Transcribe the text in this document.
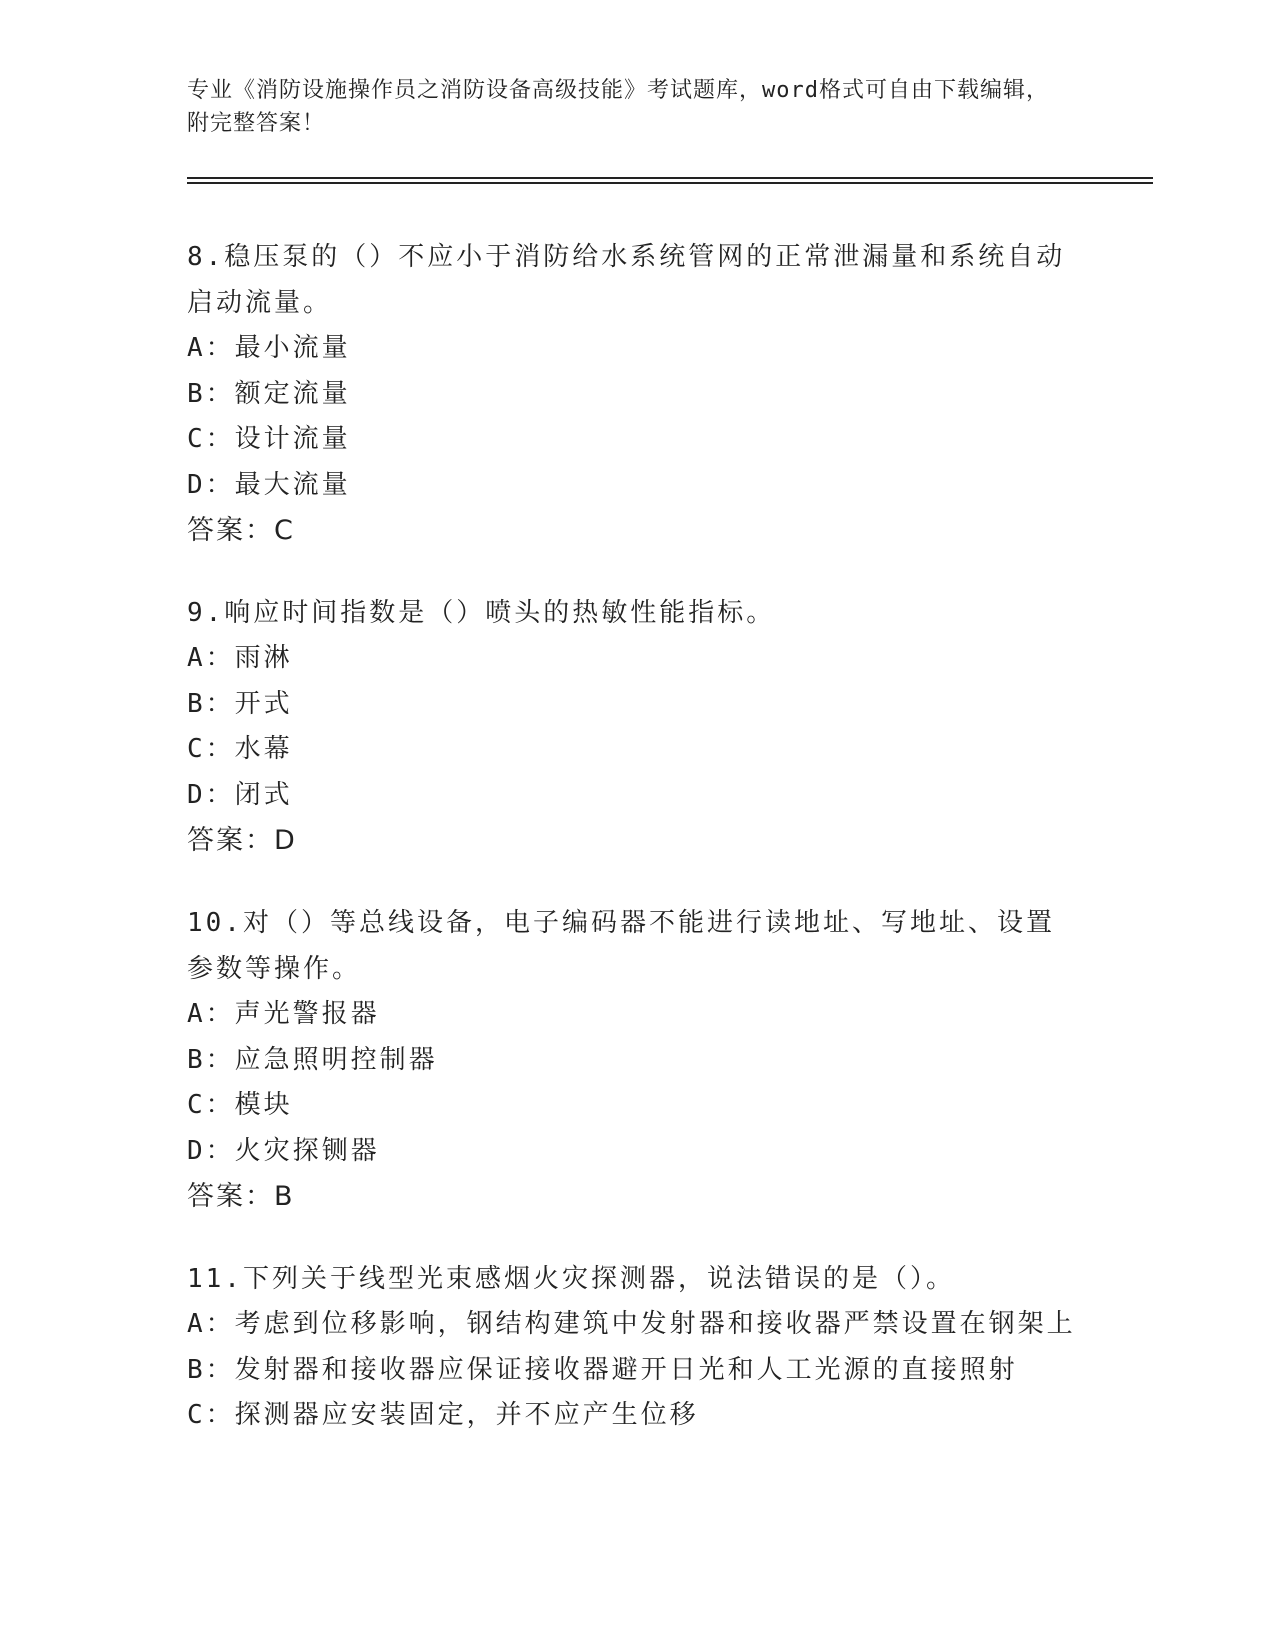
专业《消防设施操作员之消防设备高级技能》考试题库，word格式可自由下载编辑，附完整答案！
8.稳压泵的（）不应小于消防给水系统管网的正常泄漏量和系统自动启动流量。
A：最小流量
B：额定流量
C：设计流量
D：最大流量
答案：C
9.响应时间指数是（）喷头的热敏性能指标。
A：雨淋
B：开式
C：水幕
D：闭式
答案：D
10.对（）等总线设备，电子编码器不能进行读地址、写地址、设置参数等操作。
A：声光警报器
B：应急照明控制器
C：模块
D：火灾探铡器
答案：B
11.下列关于线型光束感烟火灾探测器，说法错误的是（）。
A：考虑到位移影响，钢结构建筑中发射器和接收器严禁设置在钢架上
B：发射器和接收器应保证接收器避开日光和人工光源的直接照射
C：探测器应安装固定，并不应产生位移
